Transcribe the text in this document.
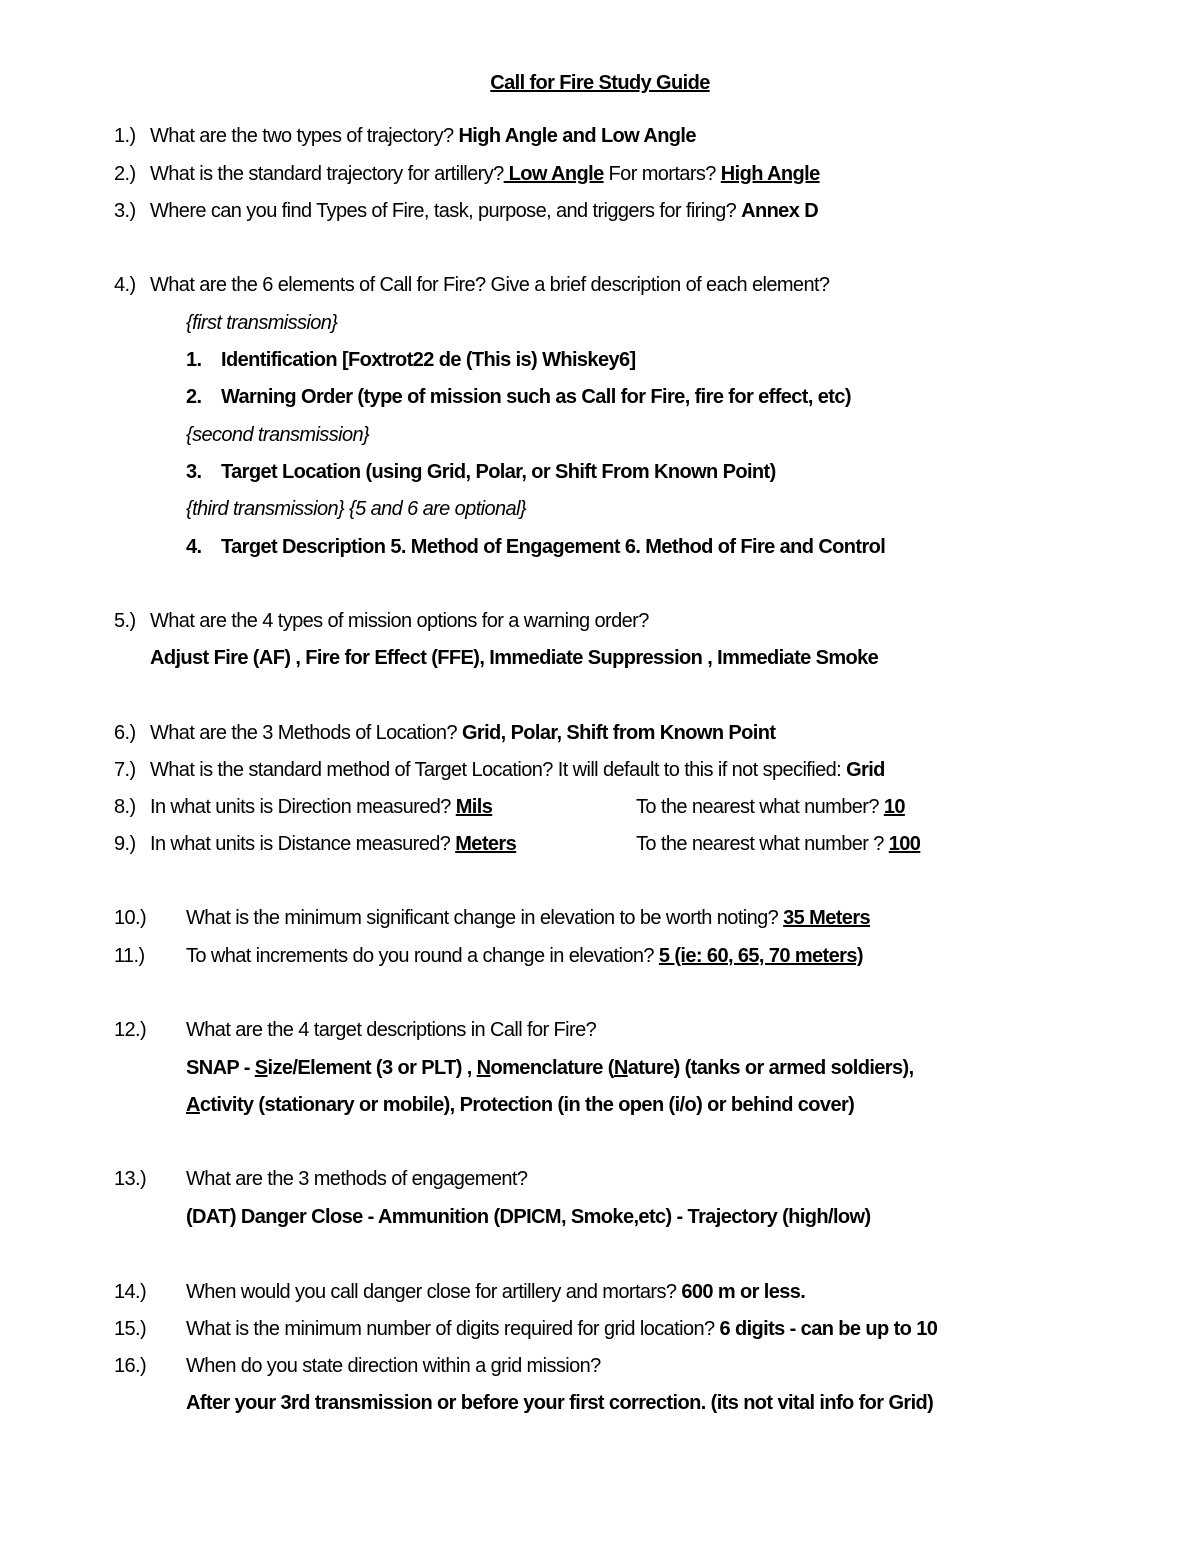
Call for Fire Study Guide
1.) What are the two types of trajectory? High Angle and Low Angle
2.) What is the standard trajectory for artillery? Low Angle For mortars? High Angle
3.) Where can you find Types of Fire, task, purpose, and triggers for firing? Annex D
4.) What are the 6 elements of Call for Fire? Give a brief description of each element?
{first transmission}
1. Identification [Foxtrot22 de (This is) Whiskey6]
2. Warning Order (type of mission such as Call for Fire, fire for effect, etc)
{second transmission}
3. Target Location (using Grid, Polar, or Shift From Known Point)
{third transmission} {5 and 6 are optional}
4. Target Description 5. Method of Engagement 6. Method of Fire and Control
5.) What are the 4 types of mission options for a warning order?
Adjust Fire (AF) , Fire for Effect (FFE), Immediate Suppression , Immediate Smoke
6.) What are the 3 Methods of Location? Grid, Polar, Shift from Known Point
7.) What is the standard method of Target Location? It will default to this if not specified: Grid
8.) In what units is Direction measured? Mils	To the nearest what number? 10
9.) In what units is Distance measured? Meters	To the nearest what number ? 100
10.) What is the minimum significant change in elevation to be worth noting? 35 Meters
11.) To what increments do you round a change in elevation? 5 (ie: 60, 65, 70 meters)
12.) What are the 4 target descriptions in Call for Fire?
SNAP - Size/Element (3 or PLT) , Nomenclature (Nature) (tanks or armed soldiers),
Activity (stationary or mobile), Protection (in the open (i/o) or behind cover)
13.) What are the 3 methods of engagement?
(DAT) Danger Close - Ammunition (DPICM, Smoke,etc) - Trajectory (high/low)
14.) When would you call danger close for artillery and mortars? 600 m or less.
15.) What is the minimum number of digits required for grid location? 6 digits - can be up to 10
16.) When do you state direction within a grid mission?
After your 3rd transmission or before your first correction. (its not vital info for Grid)
